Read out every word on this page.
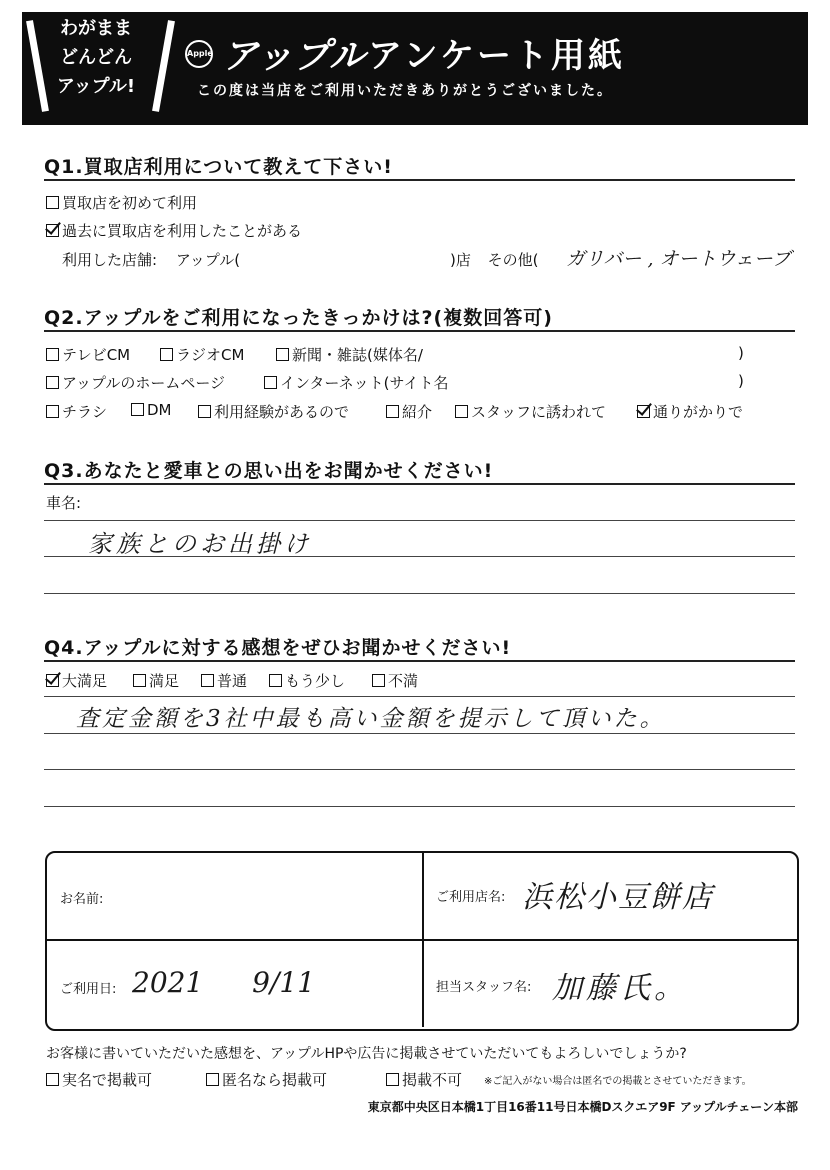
わがまま
どんどん
アップル!
Apple アップル アンケート用紙
この度は当店をご利用いただきありがとうございました。
Q1.買取店利用について教えて下さい!
買取店を初めて利用
過去に買取店を利用したことがある
利用した店舗: アップル(	)店 その他( ガリバー , オートウェーブ
Q2.アップルをご利用になったきっかけは?(複数回答可)
テレビCM	ラジオCM	新聞・雑誌(媒体名/	)
アップルのホームページ	インターネット(サイト名	)
チラシ	DM	利用経験があるので	紹介	スタッフに誘われて	通りがかりで
Q3.あなたと愛車との思い出をお聞かせください!
車名:
家族とのお出掛け
Q4.アップルに対する感想をぜひお聞かせください!
大満足	満足	普通	もう少し	不満
査定金額を3社中最も高い金額を提示して頂いた。
お名前:	ご利用店名: 浜松小豆餅店
ご利用日: 2021 9/11	担当スタッフ名: 加藤氏。
お客様に書いていただいた感想を、アップルHPや広告に掲載させていただいてもよろしいでしょうか?
実名で掲載可	匿名なら掲載可	掲載不可 ※ご記入がない場合は匿名での掲載とさせていただきます。
東京都中央区日本橋1丁目16番11号日本橋Dスクエア9F アップルチェーン本部
